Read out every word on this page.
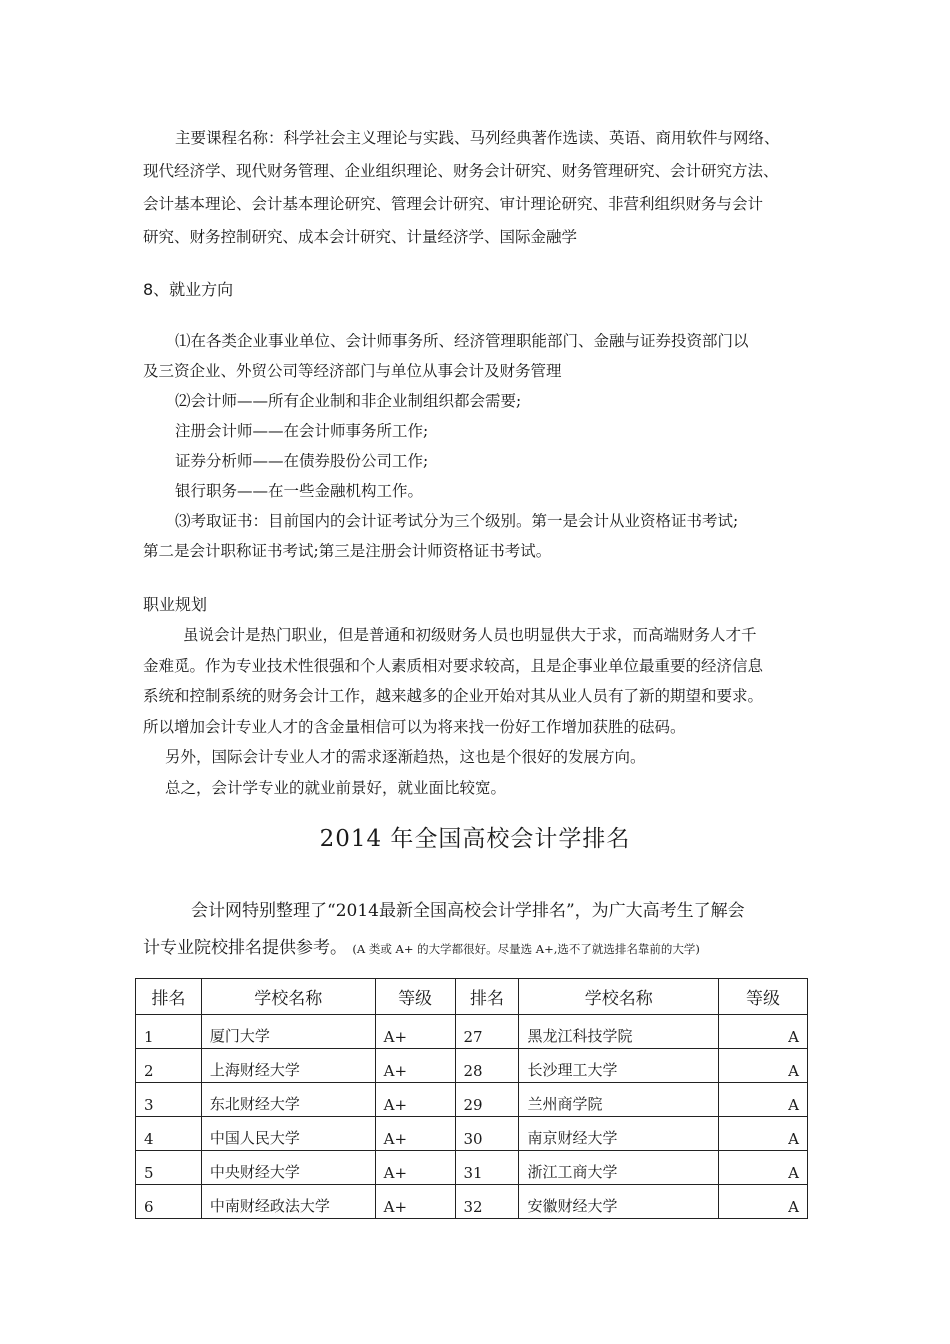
主要课程名称：科学社会主义理论与实践、马列经典著作选读、英语、商用软件与网络、
现代经济学、现代财务管理、企业组织理论、财务会计研究、财务管理研究、会计研究方法、
会计基本理论、会计基本理论研究、管理会计研究、审计理论研究、非营利组织财务与会计
研究、财务控制研究、成本会计研究、计量经济学、国际金融学
8、就业方向
⑴在各类企业事业单位、会计师事务所、经济管理职能部门、金融与证券投资部门以
及三资企业、外贸公司等经济部门与单位从事会计及财务管理
⑵会计师——所有企业制和非企业制组织都会需要;
注册会计师——在会计师事务所工作;
证券分析师——在债券股份公司工作;
银行职务——在一些金融机构工作。
⑶考取证书：目前国内的会计证考试分为三个级别。第一是会计从业资格证书考试;
第二是会计职称证书考试;第三是注册会计师资格证书考试。
职业规划
虽说会计是热门职业，但是普通和初级财务人员也明显供大于求，而高端财务人才千
金难觅。作为专业技术性很强和个人素质相对要求较高，且是企事业单位最重要的经济信息
系统和控制系统的财务会计工作，越来越多的企业开始对其从业人员有了新的期望和要求。
所以增加会计专业人才的含金量相信可以为将来找一份好工作增加获胜的砝码。
另外，国际会计专业人才的需求逐渐趋热，这也是个很好的发展方向。
总之，会计学专业的就业前景好，就业面比较宽。
2014 年全国高校会计学排名
会计网特别整理了“2014最新全国高校会计学排名”，为广大高考生了解会
计专业院校排名提供参考。 (A 类或 A+ 的大学都很好。尽量选 A+,选不了就选排名靠前的大学)
排名	学校名称	等级	排名	学校名称	等级
1	厦门大学	A+	27	黑龙江科技学院	A
2	上海财经大学	A+	28	长沙理工大学	A
3	东北财经大学	A+	29	兰州商学院	A
4	中国人民大学	A+	30	南京财经大学	A
5	中央财经大学	A+	31	浙江工商大学	A
6	中南财经政法大学	A+	32	安徽财经大学	A
